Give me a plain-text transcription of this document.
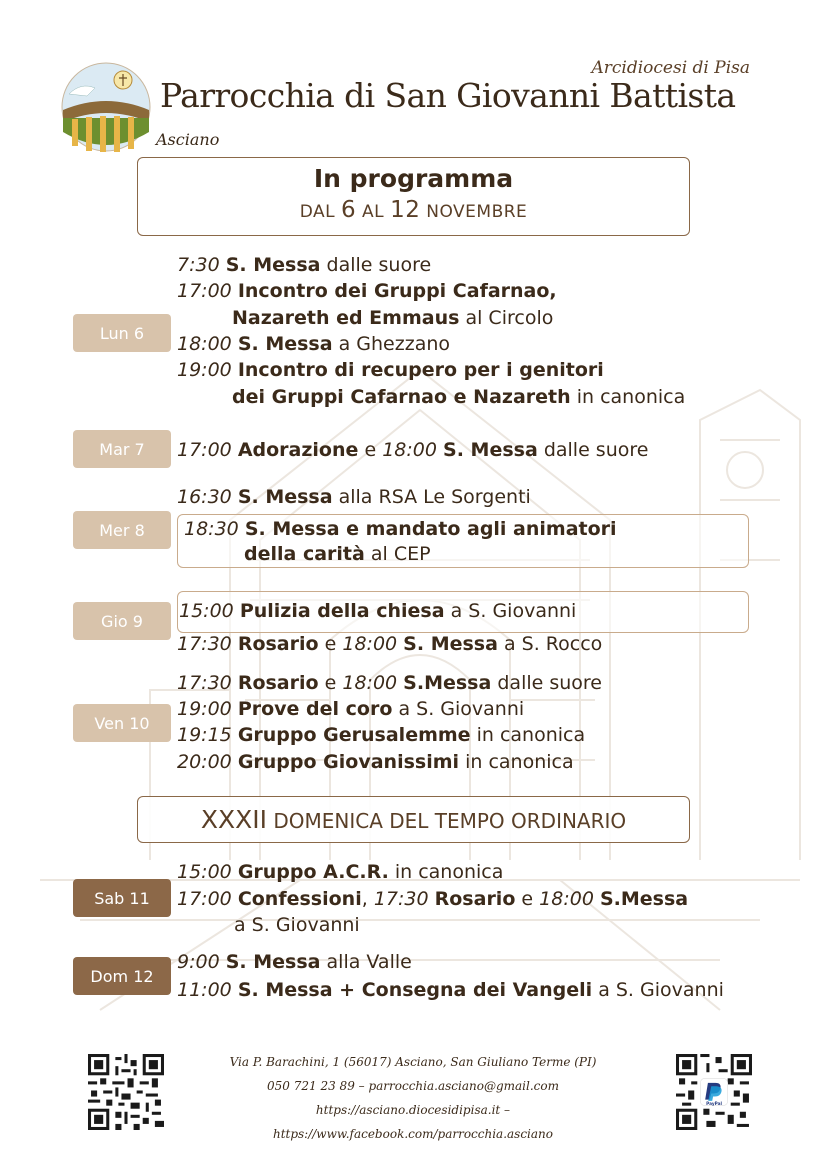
Arcidiocesi di Pisa
Parrocchia di San Giovanni Battista
Asciano
In programma
DAL 6 AL 12 NOVEMBRE
Lun 6
7:30 S. Messa dalle suore
17:00 Incontro dei Gruppi Cafarnao,
Nazareth ed Emmaus al Circolo
18:00 S. Messa a Ghezzano
19:00 Incontro di recupero per i genitori
dei Gruppi Cafarnao e Nazareth in canonica
Mar 7	17:00 Adorazione e 18:00 S. Messa dalle suore
Mer 8
16:30 S. Messa alla RSA Le Sorgenti
18:30 S. Messa e mandato agli animatori
della carità al CEP
Gio 9	15:00 Pulizia della chiesa a S. Giovanni
17:30 Rosario e 18:00 S. Messa a S. Rocco
Ven 10
17:30 Rosario e 18:00 S.Messa dalle suore
19:00 Prove del coro a S. Giovanni
19:15 Gruppo Gerusalemme in canonica
20:00 Gruppo Giovanissimi in canonica
XXXII DOMENICA DEL TEMPO ORDINARIO
Sab 11
15:00 Gruppo A.C.R. in canonica
17:00 Confessioni, 17:30 Rosario e 18:00 S.Messa
a S. Giovanni
Dom 12
9:00 S. Messa alla Valle
11:00 S. Messa + Consegna dei Vangeli a S. Giovanni
Via P. Barachini, 1 (56017) Asciano, San Giuliano Terme (PI)
050 721 23 89 – parrocchia.asciano@gmail.com
https://asciano.diocesidipisa.it – https://www.facebook.com/parrocchia.asciano
PayPal
